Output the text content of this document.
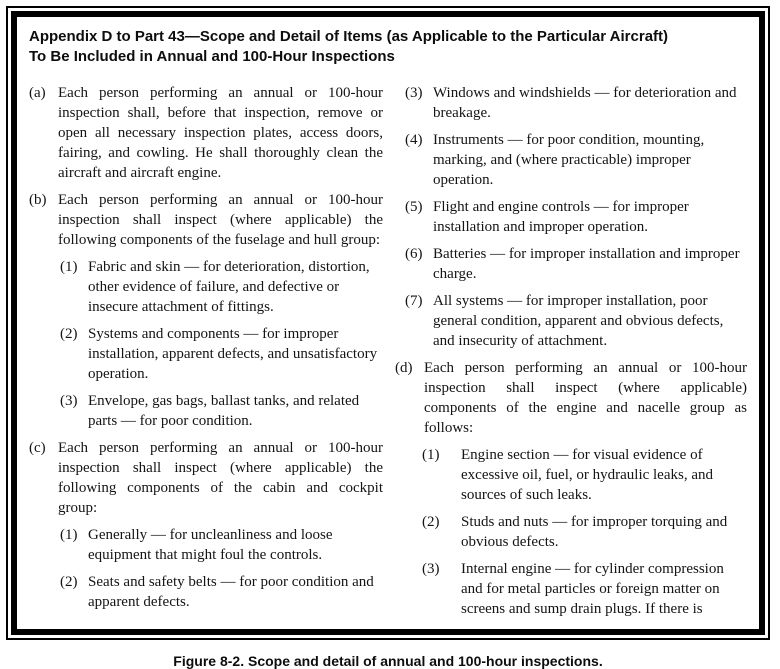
Appendix D to Part 43—Scope and Detail of Items (as Applicable to the Particular Aircraft)
To Be Included in Annual and 100-Hour Inspections
(a) Each person performing an annual or 100-hour inspection shall, before that inspection, remove or open all necessary inspection plates, access doors, fairing, and cowling. He shall thoroughly clean the aircraft and aircraft engine.
(b) Each person performing an annual or 100-hour inspection shall inspect (where applicable) the following components of the fuselage and hull group:
(1) Fabric and skin — for deterioration, distortion, other evidence of failure, and defective or insecure attachment of fittings.
(2) Systems and components — for improper installation, apparent defects, and unsatisfactory operation.
(3) Envelope, gas bags, ballast tanks, and related parts — for poor condition.
(c) Each person performing an annual or 100-hour inspection shall inspect (where applicable) the following components of the cabin and cockpit group:
(1) Generally — for uncleanliness and loose equipment that might foul the controls.
(2) Seats and safety belts — for poor condition and apparent defects.
(3) Windows and windshields — for deterioration and breakage.
(4) Instruments — for poor condition, mounting, marking, and (where practicable) improper operation.
(5) Flight and engine controls — for improper installation and improper operation.
(6) Batteries — for improper installation and improper charge.
(7) All systems — for improper installation, poor general condition, apparent and obvious defects, and insecurity of attachment.
(d) Each person performing an annual or 100-hour inspection shall inspect (where applicable) components of the engine and nacelle group as follows:
(1)	Engine section — for visual evidence of excessive oil, fuel, or hydraulic leaks, and sources of such leaks.
(2)	Studs and nuts — for improper torquing and obvious defects.
(3)	Internal engine — for cylinder compression and for metal particles or foreign matter on screens and sump drain plugs. If there is
Figure 8-2. Scope and detail of annual and 100-hour inspections.
